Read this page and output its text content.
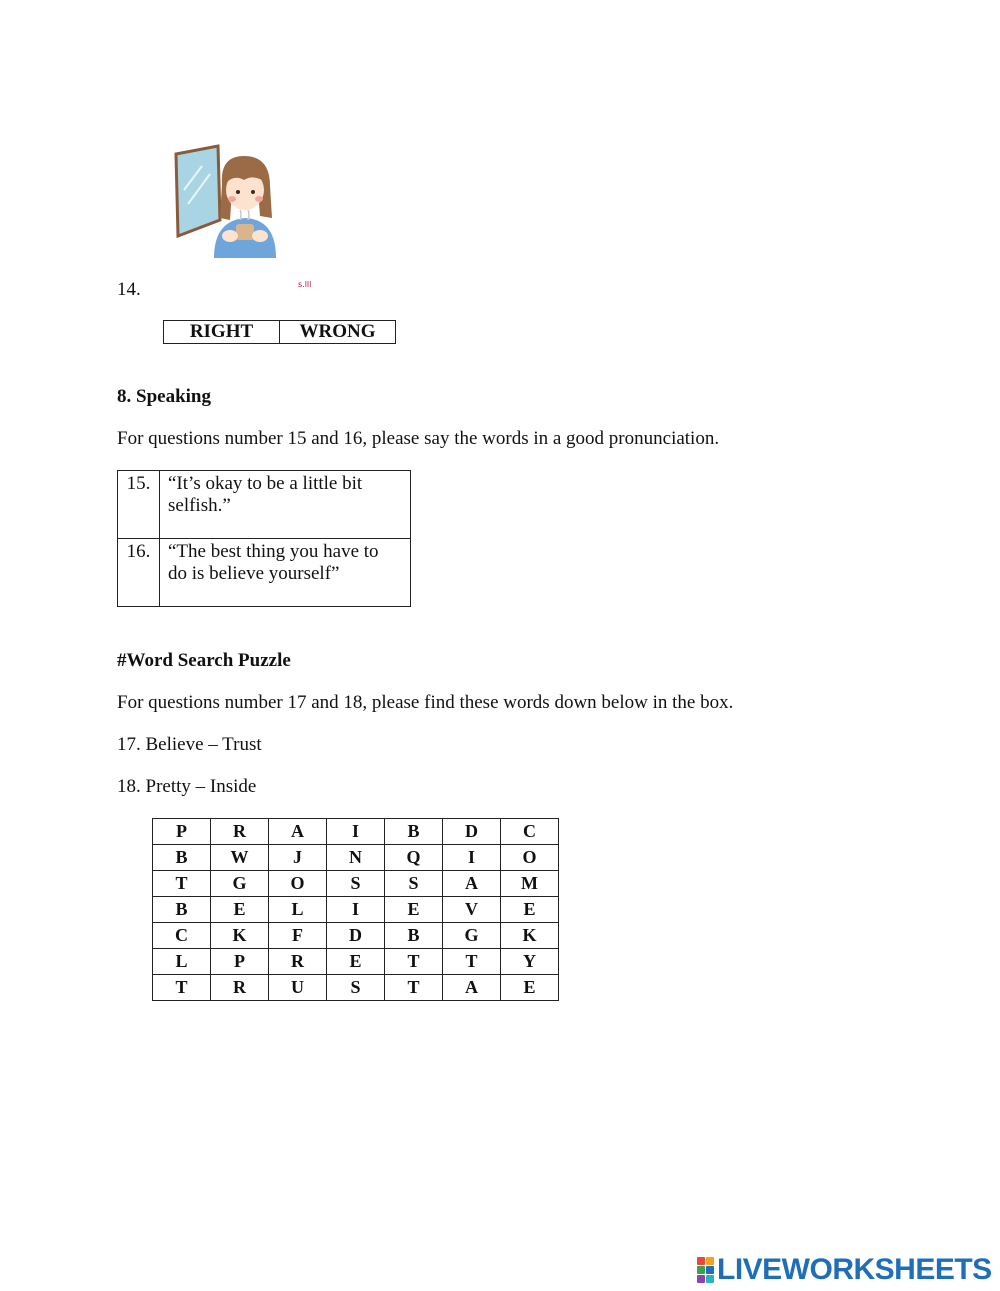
14.	s.lll
RIGHT	WRONG
8. Speaking
For questions number 15 and 16, please say the words in a good pronunciation.
15.	“It’s okay to be a little bit selfish.”
16.	“The best thing you have to do is believe yourself”
#Word Search Puzzle
For questions number 17 and 18, please find these words down below in the box.
17. Believe – Trust
18. Pretty – Inside
P	R	A	I	B	D	C
B	W	J	N	Q	I	O
T	G	O	S	S	A	M
B	E	L	I	E	V	E
C	K	F	D	B	G	K
L	P	R	E	T	T	Y
T	R	U	S	T	A	E
LIVEWORKSHEETS
